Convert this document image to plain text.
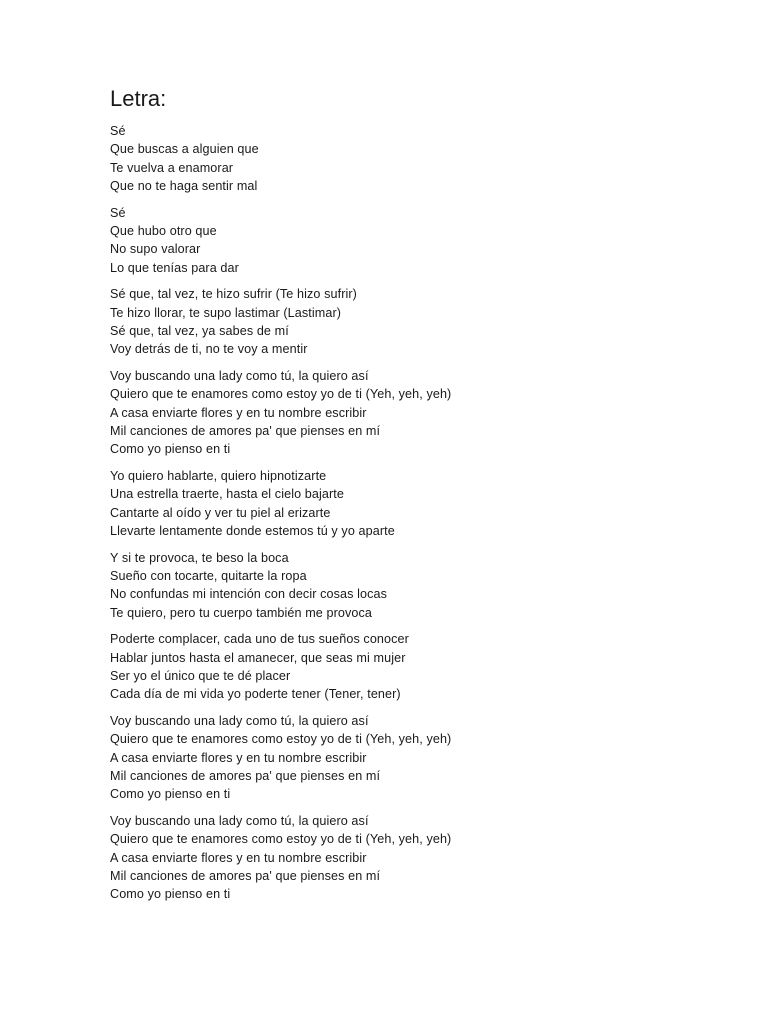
Letra:
Sé
Que buscas a alguien que
Te vuelva a enamorar
Que no te haga sentir mal
Sé
Que hubo otro que
No supo valorar
Lo que tenías para dar
Sé que, tal vez, te hizo sufrir (Te hizo sufrir)
Te hizo llorar, te supo lastimar (Lastimar)
Sé que, tal vez, ya sabes de mí
Voy detrás de ti, no te voy a mentir
Voy buscando una lady como tú, la quiero así
Quiero que te enamores como estoy yo de ti (Yeh, yeh, yeh)
A casa enviarte flores y en tu nombre escribir
Mil canciones de amores pa' que pienses en mí
Como yo pienso en ti
Yo quiero hablarte, quiero hipnotizarte
Una estrella traerte, hasta el cielo bajarte
Cantarte al oído y ver tu piel al erizarte
Llevarte lentamente donde estemos tú y yo aparte
Y si te provoca, te beso la boca
Sueño con tocarte, quitarte la ropa
No confundas mi intención con decir cosas locas
Te quiero, pero tu cuerpo también me provoca
Poderte complacer, cada uno de tus sueños conocer
Hablar juntos hasta el amanecer, que seas mi mujer
Ser yo el único que te dé placer
Cada día de mi vida yo poderte tener (Tener, tener)
Voy buscando una lady como tú, la quiero así
Quiero que te enamores como estoy yo de ti (Yeh, yeh, yeh)
A casa enviarte flores y en tu nombre escribir
Mil canciones de amores pa' que pienses en mí
Como yo pienso en ti
Voy buscando una lady como tú, la quiero así
Quiero que te enamores como estoy yo de ti (Yeh, yeh, yeh)
A casa enviarte flores y en tu nombre escribir
Mil canciones de amores pa' que pienses en mí
Como yo pienso en ti
